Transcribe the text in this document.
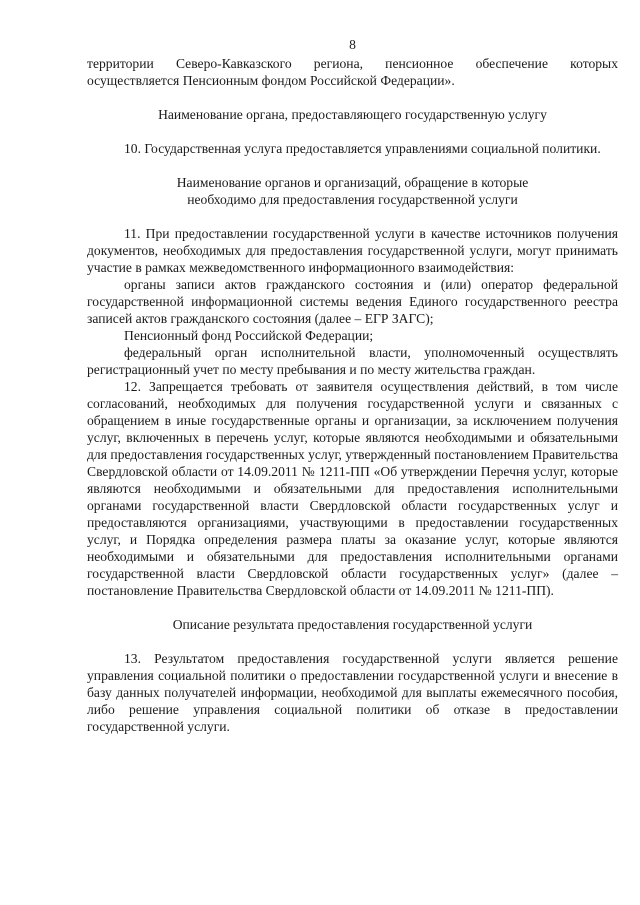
8

территории Северо-Кавказского региона, пенсионное обеспечение которых осуществляется Пенсионным фондом Российской Федерации».

Наименование органа, предоставляющего государственную услугу

10. Государственная услуга предоставляется управлениями социальной политики.

Наименование органов и организаций, обращение в которые
необходимо для предоставления государственной услуги

11. При предоставлении государственной услуги в качестве источников получения документов, необходимых для предоставления государственной услуги, могут принимать участие в рамках межведомственного информационного взаимодействия:

органы записи актов гражданского состояния и (или) оператор федеральной государственной информационной системы ведения Единого государственного реестра записей актов гражданского состояния (далее – ЕГР ЗАГС);

Пенсионный фонд Российской Федерации;

федеральный орган исполнительной власти, уполномоченный осуществлять регистрационный учет по месту пребывания и по месту жительства граждан.

12. Запрещается требовать от заявителя осуществления действий, в том числе согласований, необходимых для получения государственной услуги и связанных с обращением в иные государственные органы и организации, за исключением получения услуг, включенных в перечень услуг, которые являются необходимыми и обязательными для предоставления государственных услуг, утвержденный постановлением Правительства Свердловской области от 14.09.2011 № 1211-ПП «Об утверждении Перечня услуг, которые являются необходимыми и обязательными для предоставления исполнительными органами государственной власти Свердловской области государственных услуг и предоставляются организациями, участвующими в предоставлении государственных услуг, и Порядка определения размера платы за оказание услуг, которые являются необходимыми и обязательными для предоставления исполнительными органами государственной власти Свердловской области государственных услуг» (далее – постановление Правительства Свердловской области от 14.09.2011 № 1211-ПП).

Описание результата предоставления государственной услуги

13. Результатом предоставления государственной услуги является решение управления социальной политики о предоставлении государственной услуги и внесение в базу данных получателей информации, необходимой для выплаты ежемесячного пособия, либо решение управления социальной политики об отказе в предоставлении государственной услуги.
